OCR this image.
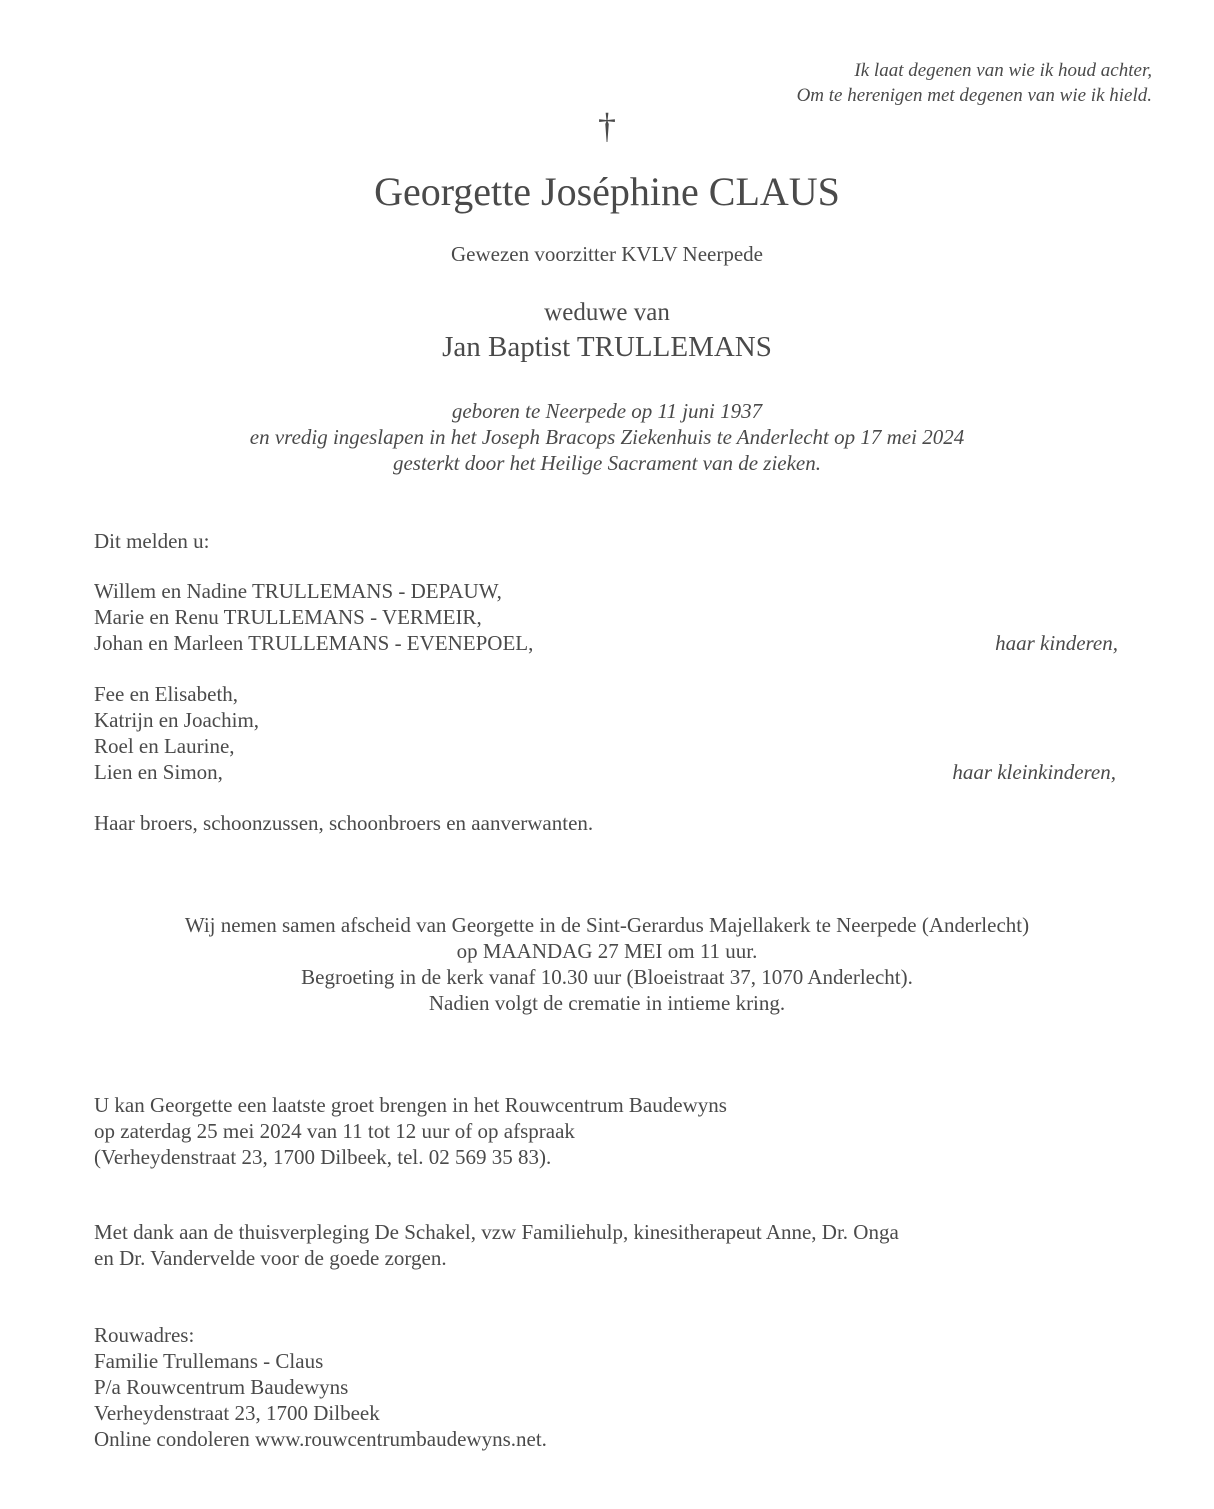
Ik laat degenen van wie ik houd achter,
Om te herenigen met degenen van wie ik hield.
†
Georgette Joséphine CLAUS
Gewezen voorzitter KVLV Neerpede
weduwe van
Jan Baptist TRULLEMANS
geboren te Neerpede op 11 juni 1937
en vredig ingeslapen in het Joseph Bracops Ziekenhuis te Anderlecht op 17 mei 2024
gesterkt door het Heilige Sacrament van de zieken.
Dit melden u:
Willem en Nadine TRULLEMANS - DEPAUW,
Marie en Renu TRULLEMANS - VERMEIR,
Johan en Marleen TRULLEMANS - EVENEPOEL,	haar kinderen,
Fee en Elisabeth,
Katrijn en Joachim,
Roel en Laurine,
Lien en Simon,	haar kleinkinderen,
Haar broers, schoonzussen, schoonbroers en aanverwanten.
Wij nemen samen afscheid van Georgette in de Sint-Gerardus Majellakerk te Neerpede (Anderlecht)
op MAANDAG 27 MEI om 11 uur.
Begroeting in de kerk vanaf 10.30 uur (Bloeistraat 37, 1070 Anderlecht).
Nadien volgt de crematie in intieme kring.
U kan Georgette een laatste groet brengen in het Rouwcentrum Baudewyns
op zaterdag 25 mei 2024 van 11 tot 12 uur of op afspraak
(Verheydenstraat 23, 1700 Dilbeek, tel. 02 569 35 83).
Met dank aan de thuisverpleging De Schakel, vzw Familiehulp, kinesitherapeut Anne, Dr. Onga
en Dr. Vandervelde voor de goede zorgen.
Rouwadres:
Familie Trullemans - Claus
P/a Rouwcentrum Baudewyns
Verheydenstraat 23, 1700 Dilbeek
Online condoleren www.rouwcentrumbaudewyns.net.
